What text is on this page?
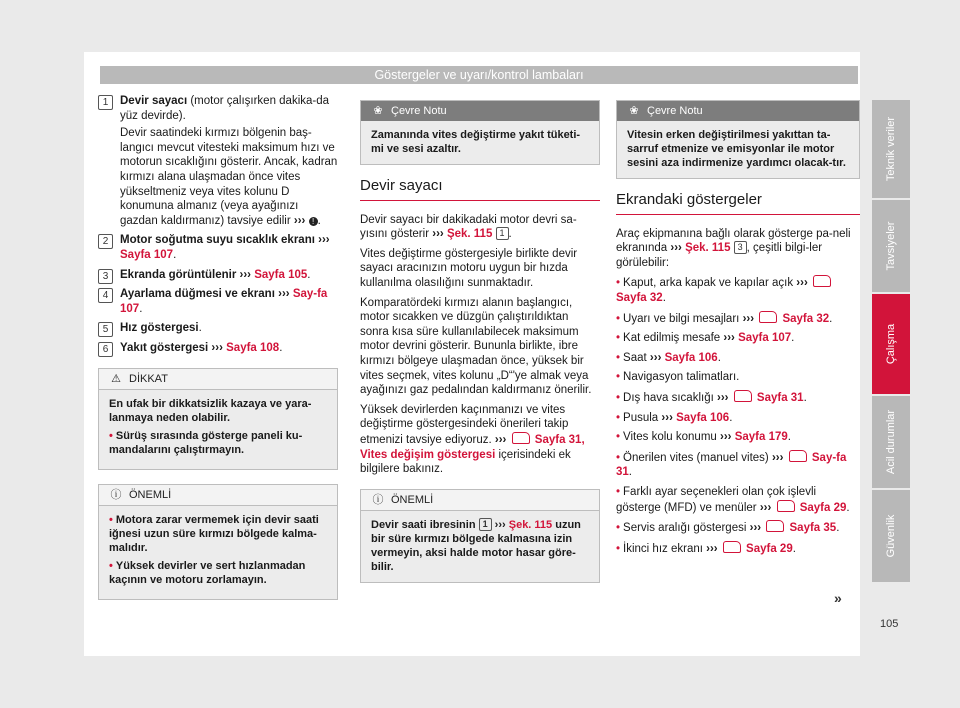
Göstergeler ve uyarı/kontrol lambaları
1	Devir sayacı (motor çalışırken dakika-da yüz devirde).
Devir saatindeki kırmızı bölgenin baş-langıcı mevcut vitesteki maksimum hızı ve motorun sıcaklığını gösterir. Ancak, kadran kırmızı alana ulaşmadan önce vites yükseltmeniz veya vites kolunu D konumuna almanız (veya ayağınızı gazdan kaldırmanız) tavsiye edilir ››› ! .
2	Motor soğutma suyu sıcaklık ekranı ››› Sayfa 107.
3	Ekranda görüntülenir ››› Sayfa 105.
4	Ayarlama düğmesi ve ekranı ››› Say-fa 107.
5	Hız göstergesi.
6	Yakıt göstergesi ››› Sayfa 108.
⚠ DİKKAT
En ufak bir dikkatsizlik kazaya ve yara-lanmaya neden olabilir.
• Sürüş sırasında gösterge paneli ku-mandalarını çalıştırmayın.
ⓘ ÖNEMLİ
• Motora zarar vermemek için devir saati iğnesi uzun süre kırmızı bölgede kalma-malıdır.
• Yüksek devirler ve sert hızlanmadan kaçının ve motoru zorlamayın.
❀ Çevre Notu
Zamanında vites değiştirme yakıt tüketi-mi ve sesi azaltır.
Devir sayacı

Devir sayacı bir dakikadaki motor devri sa-yısını gösterir ››› Şek. 115 1 .

Vites değiştirme göstergesiyle birlikte devir sayacı aracınızın motoru uygun bir hızda kullanılma olasılığını sunmaktadır.

Komparatördeki kırmızı alanın başlangıcı, motor sıcakken ve düzgün çalıştırıldıktan sonra kısa süre kullanılabilecek maksimum motor devrini gösterir. Bununla birlikte, ibre kırmızı bölgeye ulaşmadan önce, yüksek bir vites seçmek, vites kolunu „D“'ye almak veya ayağınızı gaz pedalından kaldırmanız önerilir.

Yüksek devirlerden kaçınmanızı ve vites değiştirme göstergesindeki önerileri takip etmenizi tavsiye ediyoruz. ››› Sayfa 31, Vites değişim göstergesi içerisindeki ek bilgilere bakınız.

ⓘ ÖNEMLİ
Devir saati ibresinin 1 ››› Şek. 115 uzun bir süre kırmızı bölgede kalmasına izin vermeyin, aksi halde motor hasar göre-bilir.
❀ Çevre Notu
Vitesin erken değiştirilmesi yakıttan ta-sarruf etmenize ve emisyonlar ile motor sesini aza indirmenize yardımcı olacak-tır.
Ekrandaki göstergeler

Araç ekipmanına bağlı olarak gösterge pa-neli ekranında ››› Şek. 115 3 , çeşitli bilgi-ler görülebilir:

• Kaput, arka kapak ve kapılar açık ›››  Sayfa 32.
• Uyarı ve bilgi mesajları ››› Sayfa 32.
• Kat edilmiş mesafe ››› Sayfa 107.
• Saat ››› Sayfa 106.
• Navigasyon talimatları.
• Dış hava sıcaklığı ››› Sayfa 31.
• Pusula ››› Sayfa 106.
• Vites kolu konumu ››› Sayfa 179.
• Önerilen vites (manuel vites) ››› Say-fa 31.
• Farklı ayar seçenekleri olan çok işlevli gösterge (MFD) ve menüler ››› Sayfa 29.
• Servis aralığı göstergesi ››› Sayfa 35.
• İkinci hız ekranı ››› Sayfa 29.
Teknik veriler
Tavsiyeler
Çalışma
Acil durumlar
Güvenlik
»
105
